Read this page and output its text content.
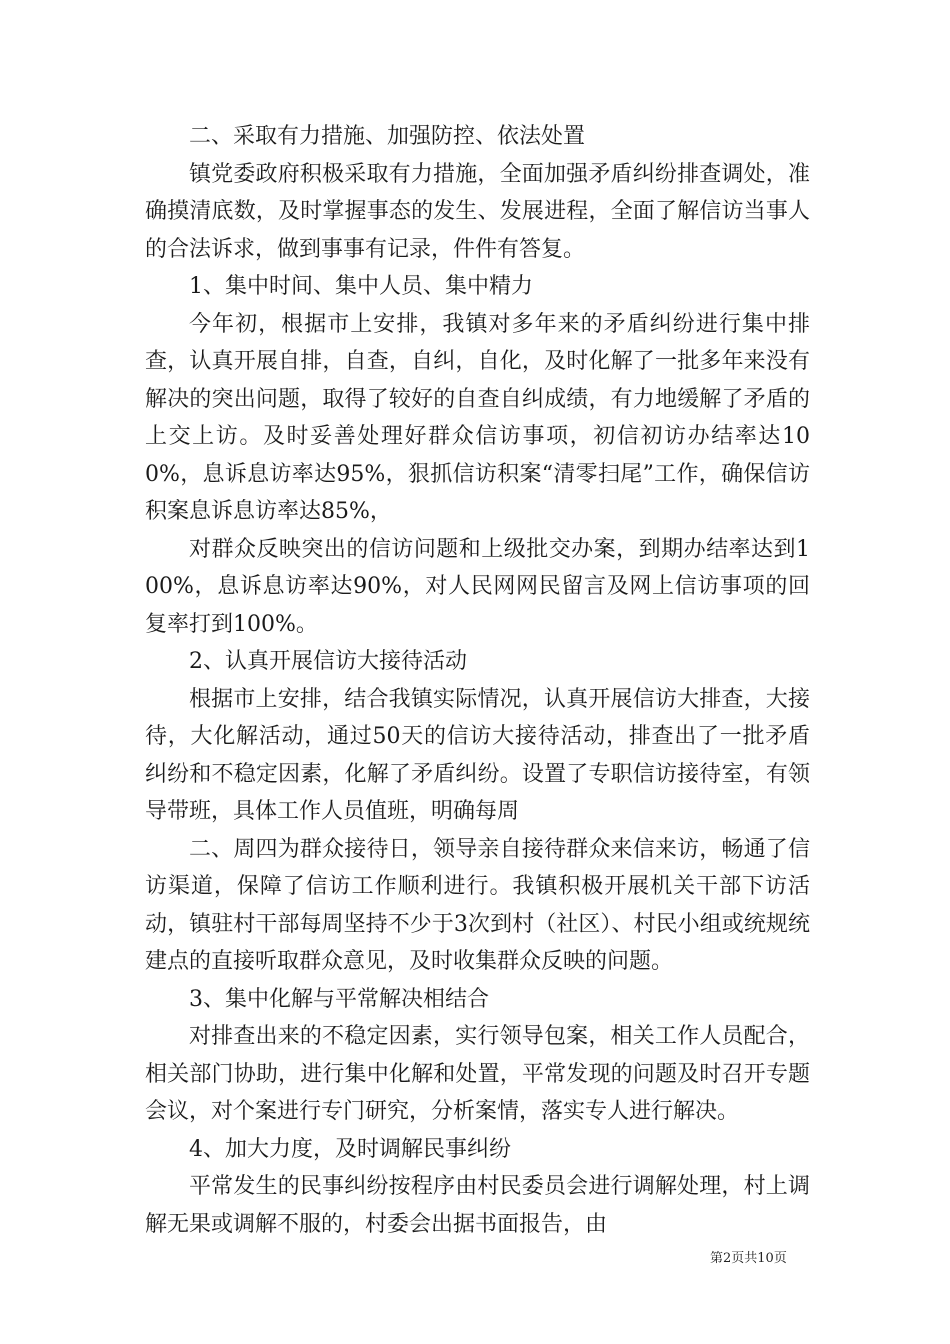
二、采取有力措施、加强防控、依法处置

镇党委政府积极采取有力措施，全面加强矛盾纠纷排查调处，准确摸清底数，及时掌握事态的发生、发展进程，全面了解信访当事人的合法诉求，做到事事有记录，件件有答复。

1、集中时间、集中人员、集中精力

今年初，根据市上安排，我镇对多年来的矛盾纠纷进行集中排查，认真开展自排，自查，自纠，自化，及时化解了一批多年来没有解决的突出问题，取得了较好的自查自纠成绩，有力地缓解了矛盾的上交上访。及时妥善处理好群众信访事项，初信初访办结率达100%，息诉息访率达95%，狠抓信访积案“清零扫尾”工作，确保信访积案息诉息访率达85%，

对群众反映突出的信访问题和上级批交办案，到期办结率达到100%，息诉息访率达90%，对人民网网民留言及网上信访事项的回复率打到100%。

2、认真开展信访大接待活动

根据市上安排，结合我镇实际情况，认真开展信访大排查，大接待，大化解活动，通过50天的信访大接待活动，排查出了一批矛盾纠纷和不稳定因素，化解了矛盾纠纷。设置了专职信访接待室，有领导带班，具体工作人员值班，明确每周

二、周四为群众接待日，领导亲自接待群众来信来访，畅通了信访渠道，保障了信访工作顺利进行。我镇积极开展机关干部下访活动，镇驻村干部每周坚持不少于3次到村（社区）、村民小组或统规统建点的直接听取群众意见，及时收集群众反映的问题。

3、集中化解与平常解决相结合

对排查出来的不稳定因素，实行领导包案，相关工作人员配合，相关部门协助，进行集中化解和处置，平常发现的问题及时召开专题会议，对个案进行专门研究，分析案情，落实专人进行解决。

4、加大力度，及时调解民事纠纷

平常发生的民事纠纷按程序由村民委员会进行调解处理，村上调解无果或调解不服的，村委会出据书面报告，由

第2页共10页
